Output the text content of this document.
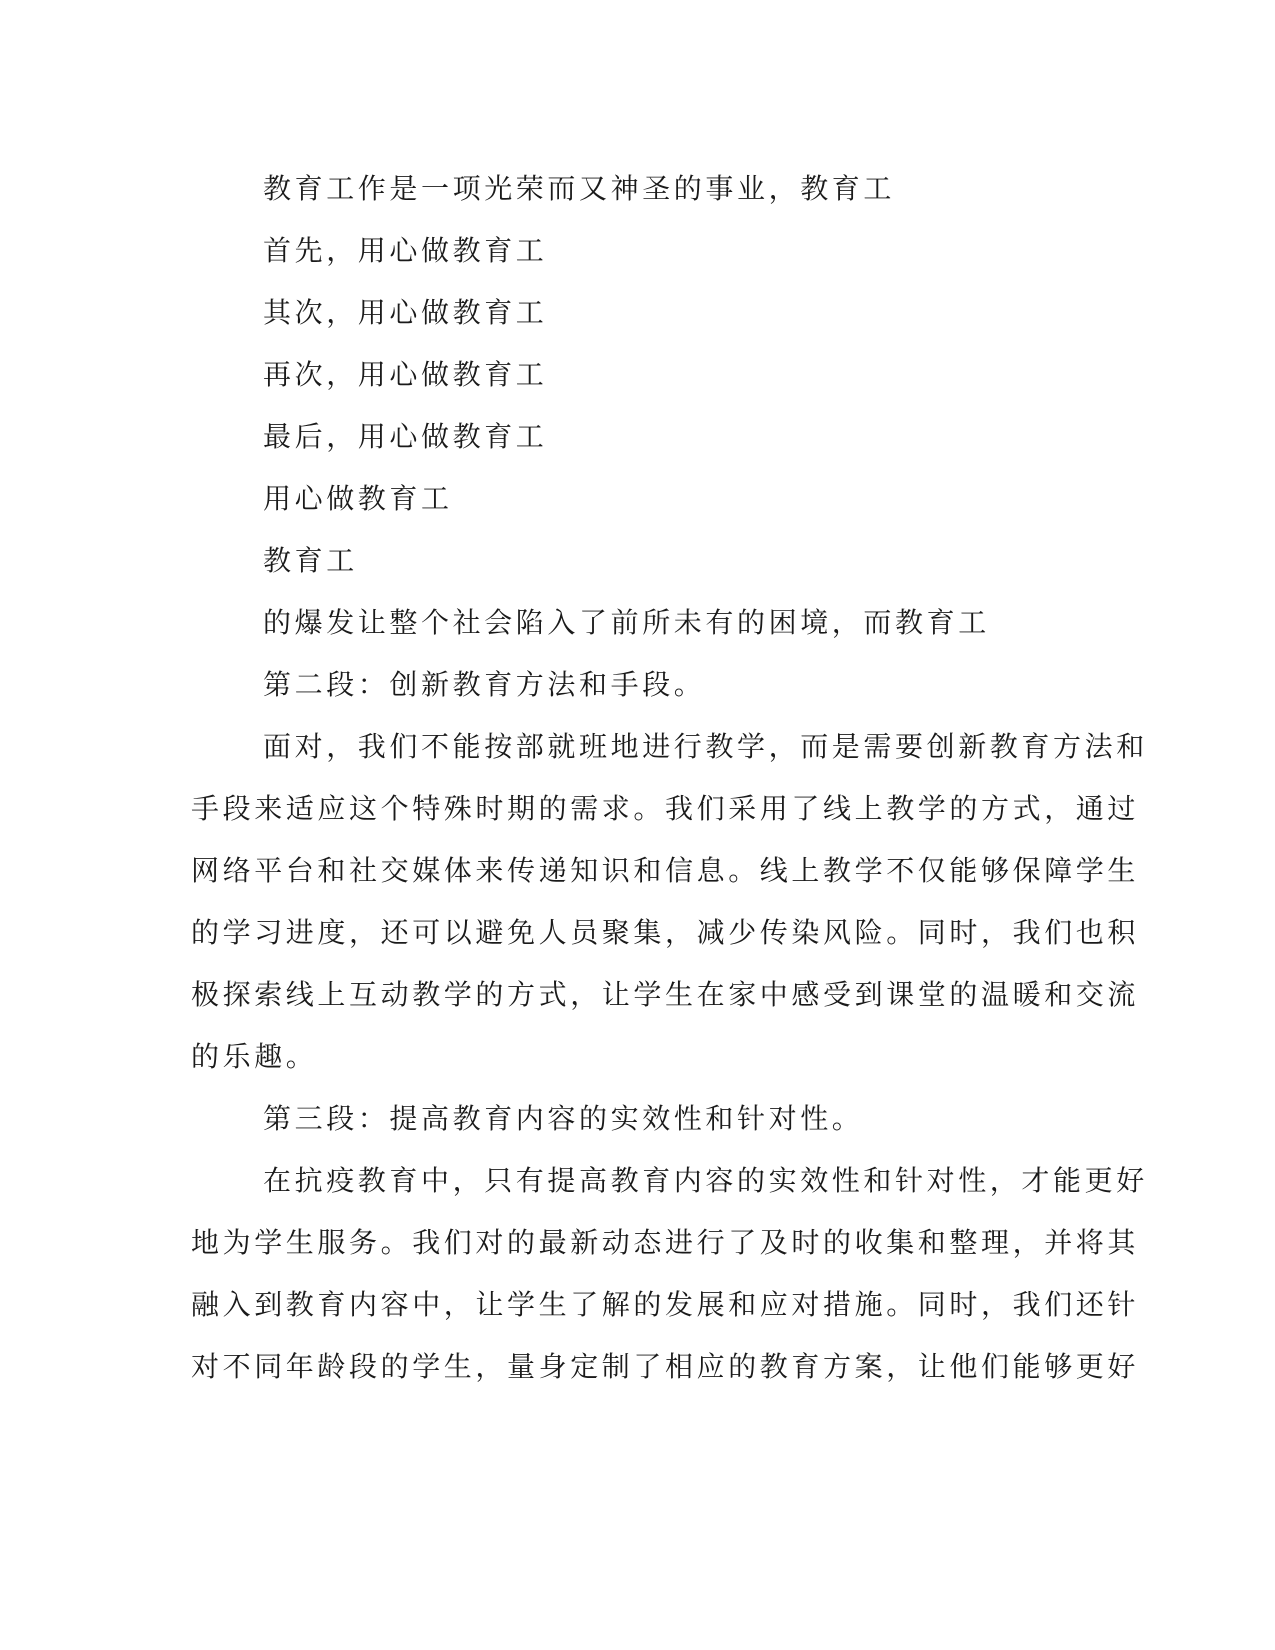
教育工作是一项光荣而又神圣的事业，教育工

首先，用心做教育工

其次，用心做教育工

再次，用心做教育工

最后，用心做教育工

用心做教育工

教育工

的爆发让整个社会陷入了前所未有的困境，而教育工

第二段：创新教育方法和手段。

面对，我们不能按部就班地进行教学，而是需要创新教育方法和

手段来适应这个特殊时期的需求。我们采用了线上教学的方式，通过

网络平台和社交媒体来传递知识和信息。线上教学不仅能够保障学生

的学习进度，还可以避免人员聚集，减少传染风险。同时，我们也积

极探索线上互动教学的方式，让学生在家中感受到课堂的温暖和交流

的乐趣。

第三段：提高教育内容的实效性和针对性。

在抗疫教育中，只有提高教育内容的实效性和针对性，才能更好

地为学生服务。我们对的最新动态进行了及时的收集和整理，并将其

融入到教育内容中，让学生了解的发展和应对措施。同时，我们还针

对不同年龄段的学生，量身定制了相应的教育方案，让他们能够更好
